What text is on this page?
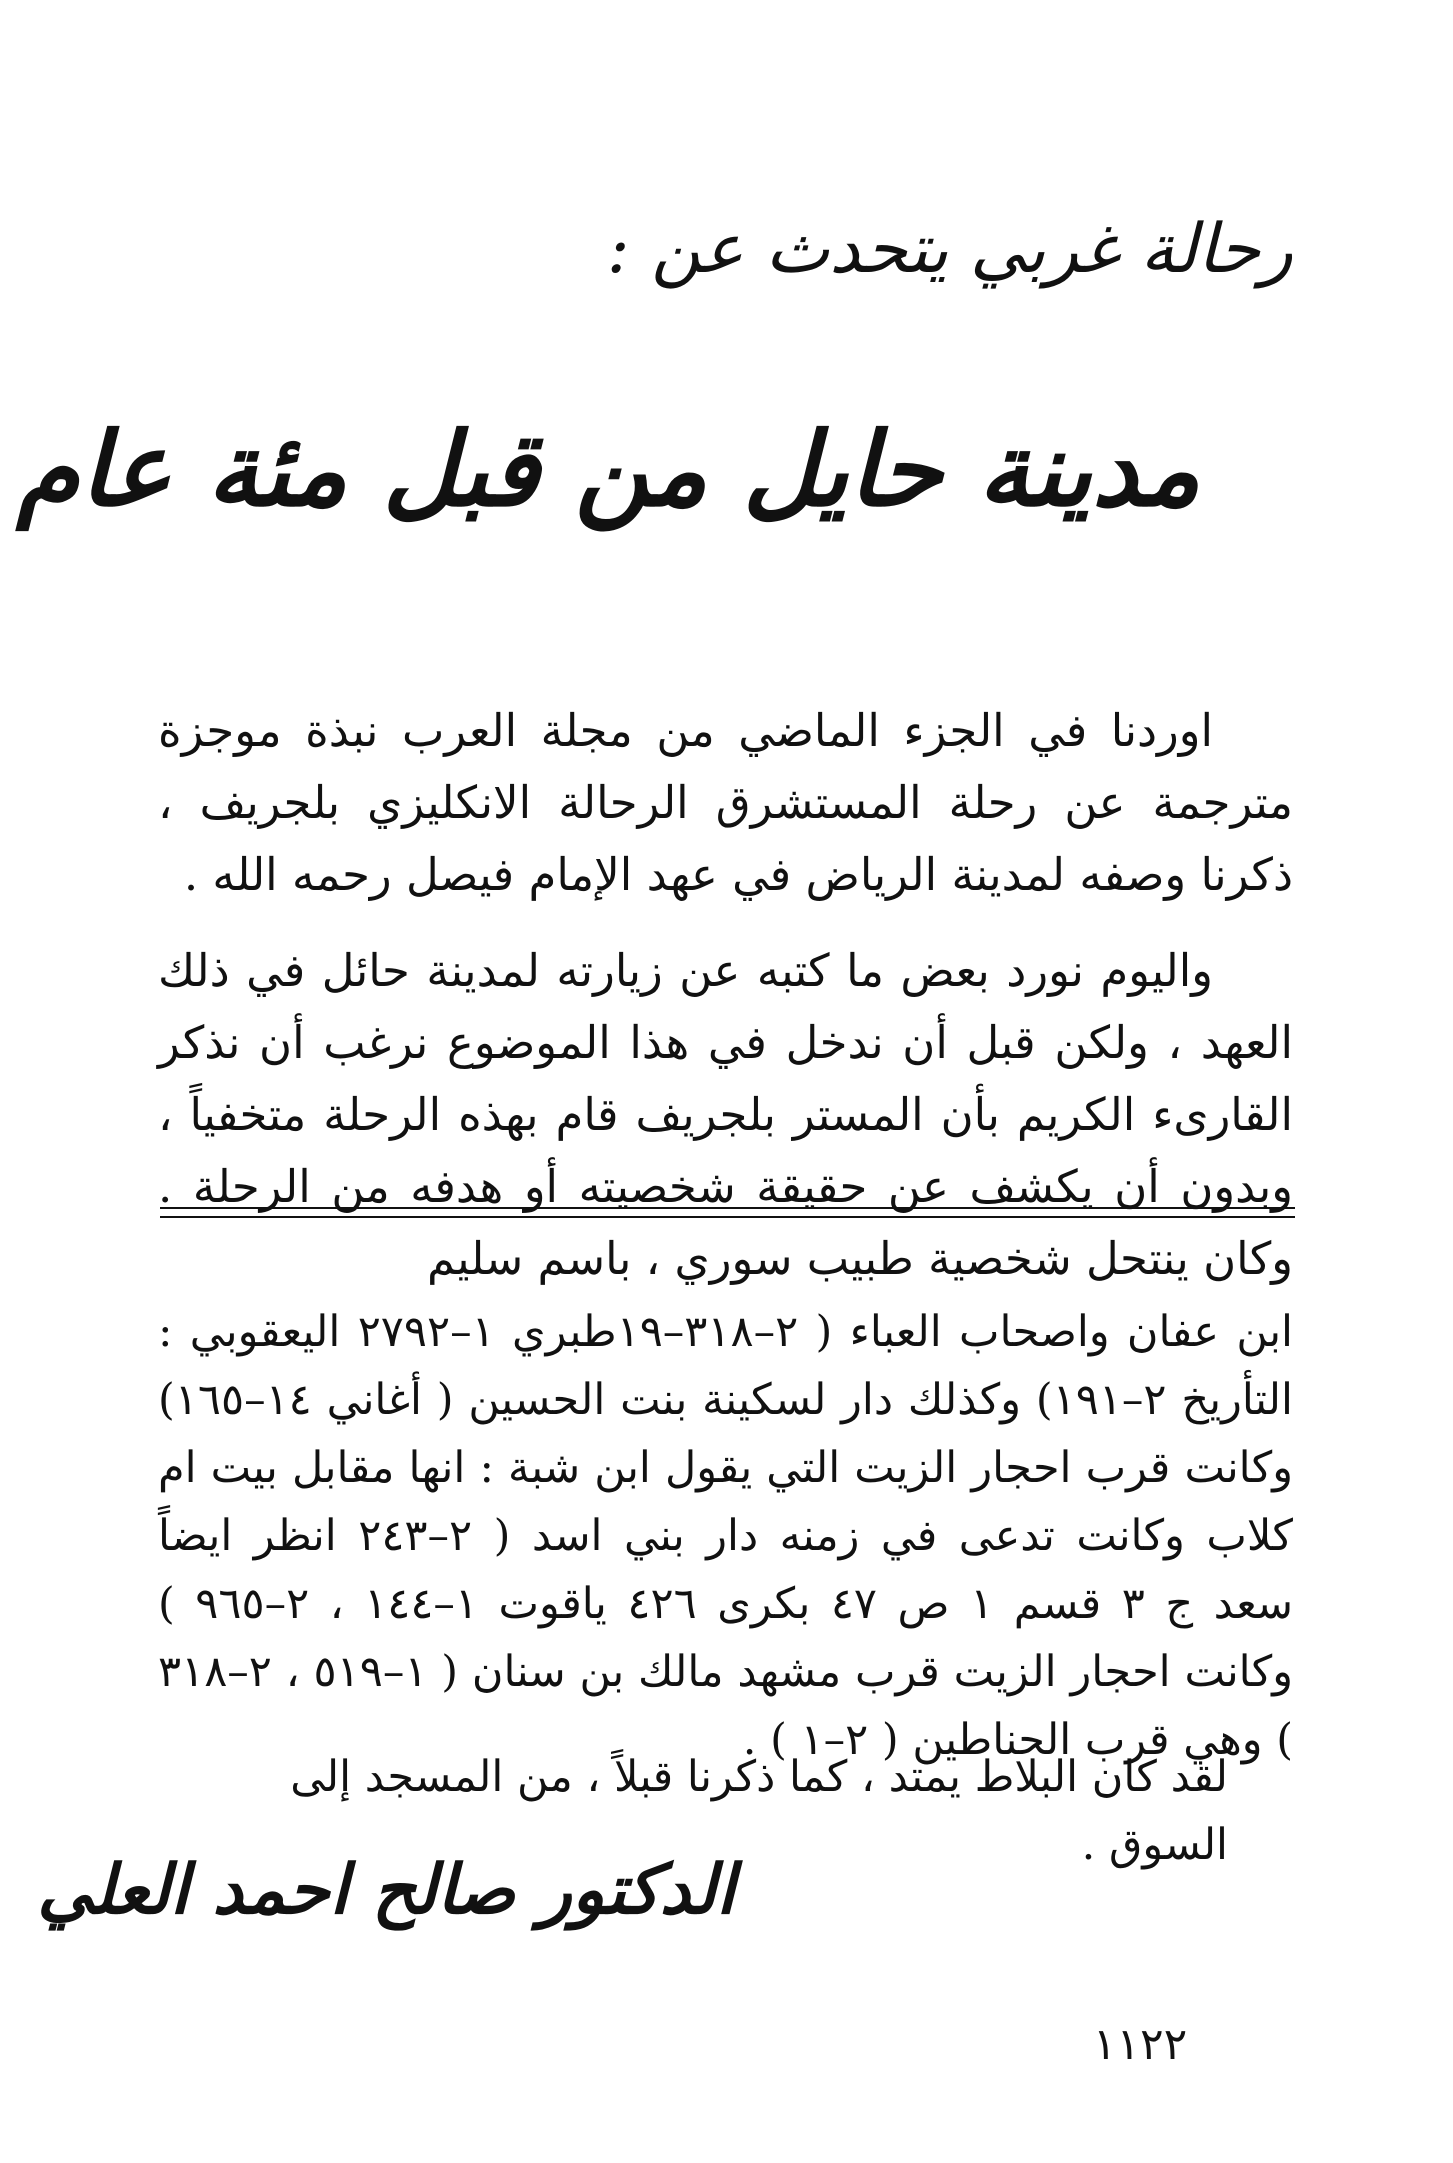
رحالة غربي يتحدث عن :
مدينة حايل من قبل مئة عام

اوردنا في الجزء الماضي من مجلة العرب نبذة موجزة مترجمة عن رحلة المستشرق الرحالة الانكليزي بلجريف ، ذكرنا وصفه لمدينة الرياض في عهد الإمام فيصل رحمه الله .

واليوم نورد بعض ما كتبه عن زيارته لمدينة حائل في ذلك العهد ، ولكن قبل أن ندخل في هذا الموضوع نرغب أن نذكر القارىء الكريم بأن المستر بلجريف قام بهذه الرحلة متخفياً ، وبدون أن يكشف عن حقيقة شخصيته أو هدفه من الرحلة . وكان ينتحل شخصية طبيب سوري ، باسم سليم

ابن عفان واصحاب العباء ( ٢–٣١٨–١٩طبري ١–٢٧٩٢ اليعقوبي : التأريخ ٢–١٩١) وكذلك دار لسكينة بنت الحسين ( أغاني ١٤–١٦٥) وكانت قرب احجار الزيت التي يقول ابن شبة : انها مقابل بيت ام كلاب وكانت تدعى في زمنه دار بني اسد ( ٢–٢٤٣ انظر ايضاً سعد ج ٣ قسم ١ ص ٤٧ بكرى ٤٢٦ ياقوت ١–١٤٤ ، ٢–٩٦٥ ) وكانت احجار الزيت قرب مشهد مالك بن سنان ( ١–٥١٩ ، ٢–٣١٨ ) وهي قرب الحناطين ( ٢–١ ) .

لقد كان البلاط يمتد ، كما ذكرنا قبلاً ، من المسجد إلى السوق .

الدكتور صالح احمد العلي
١١٢٢
